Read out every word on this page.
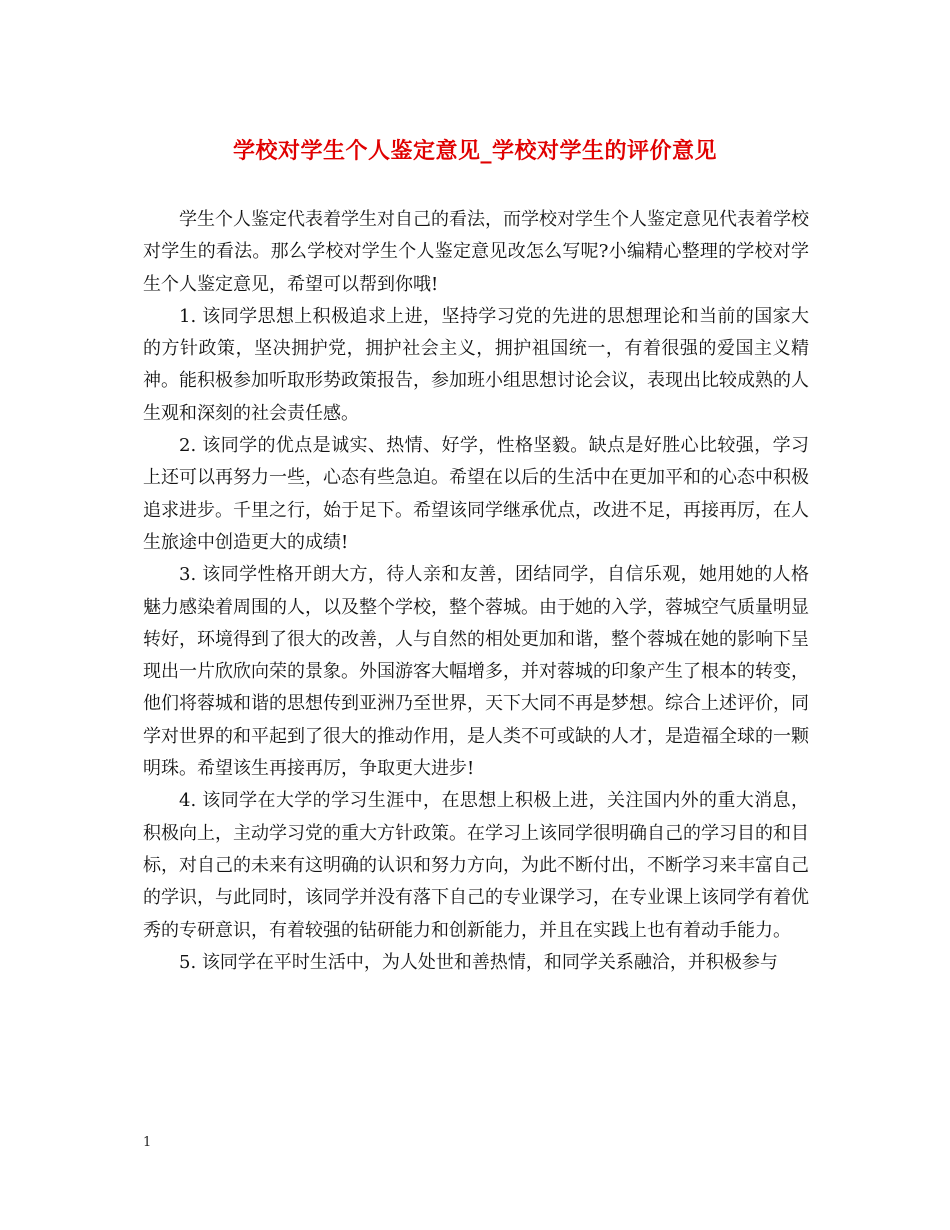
学校对学生个人鉴定意见_学校对学生的评价意见

学生个人鉴定代表着学生对自己的看法，而学校对学生个人鉴定意见代表着学校对学生的看法。那么学校对学生个人鉴定意见改怎么写呢?小编精心整理的学校对学生个人鉴定意见，希望可以帮到你哦!

1. 该同学思想上积极追求上进，坚持学习党的先进的思想理论和当前的国家大的方针政策，坚决拥护党，拥护社会主义，拥护祖国统一，有着很强的爱国主义精神。能积极参加听取形势政策报告，参加班小组思想讨论会议，表现出比较成熟的人生观和深刻的社会责任感。

2. 该同学的优点是诚实、热情、好学，性格坚毅。缺点是好胜心比较强，学习上还可以再努力一些，心态有些急迫。希望在以后的生活中在更加平和的心态中积极追求进步。千里之行，始于足下。希望该同学继承优点，改进不足，再接再厉，在人生旅途中创造更大的成绩!

3. 该同学性格开朗大方，待人亲和友善，团结同学，自信乐观，她用她的人格魅力感染着周围的人，以及整个学校，整个蓉城。由于她的入学，蓉城空气质量明显转好，环境得到了很大的改善，人与自然的相处更加和谐，整个蓉城在她的影响下呈现出一片欣欣向荣的景象。外国游客大幅增多，并对蓉城的印象产生了根本的转变，他们将蓉城和谐的思想传到亚洲乃至世界，天下大同不再是梦想。综合上述评价，同学对世界的和平起到了很大的推动作用，是人类不可或缺的人才，是造福全球的一颗明珠。希望该生再接再厉，争取更大进步!

4. 该同学在大学的学习生涯中，在思想上积极上进，关注国内外的重大消息，积极向上，主动学习党的重大方针政策。在学习上该同学很明确自己的学习目的和目标，对自己的未来有这明确的认识和努力方向，为此不断付出，不断学习来丰富自己的学识，与此同时，该同学并没有落下自己的专业课学习，在专业课上该同学有着优秀的专研意识，有着较强的钻研能力和创新能力，并且在实践上也有着动手能力。

5. 该同学在平时生活中，为人处世和善热情，和同学关系融洽，并积极参与

1
